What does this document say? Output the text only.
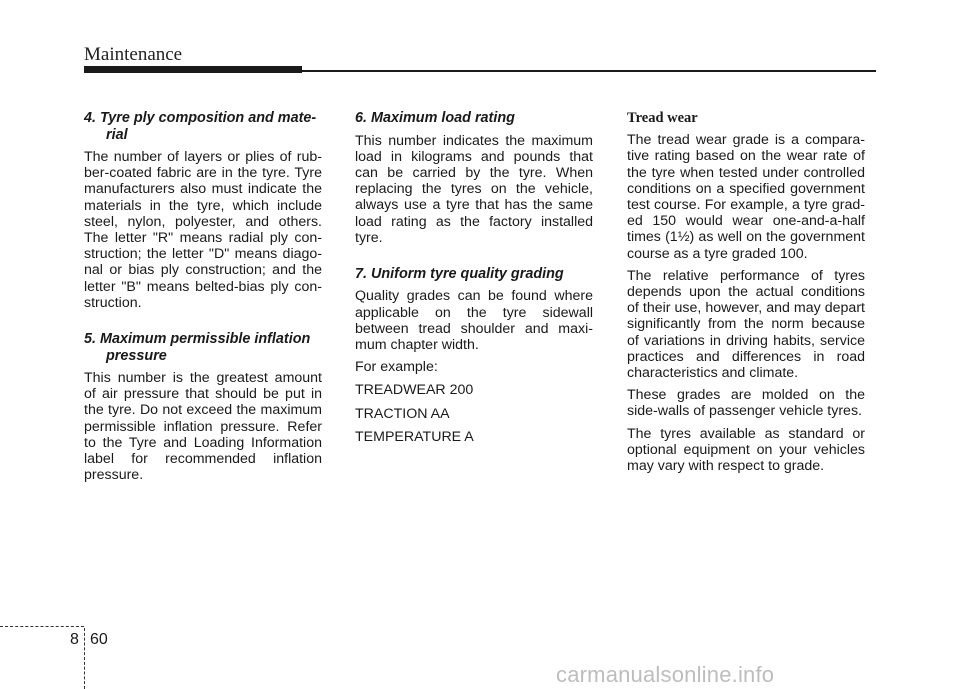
Maintenance
4. Tyre ply composition and mate-
rial

The number of layers or plies of rub-ber-coated fabric are in the tyre. Tyre manufacturers also must indicate the materials in the tyre, which include steel, nylon, polyester, and others. The letter "R" means radial ply con-struction; the letter "D" means diago-nal or bias ply construction; and the letter "B" means belted-bias ply con-struction.

5. Maximum permissible inflation
pressure

This number is the greatest amount of air pressure that should be put in the tyre. Do not exceed the maximum permissible inflation pressure. Refer to the Tyre and Loading Information label for recommended inflation pressure.

6. Maximum load rating

This number indicates the maximum load in kilograms and pounds that can be carried by the tyre. When replacing the tyres on the vehicle, always use a tyre that has the same load rating as the factory installed tyre.

7. Uniform tyre quality grading

Quality grades can be found where applicable on the tyre sidewall between tread shoulder and maxi-mum chapter width.

For example:

TREADWEAR 200

TRACTION AA

TEMPERATURE A

Tread wear

The tread wear grade is a compara-tive rating based on the wear rate of the tyre when tested under controlled conditions on a specified government test course. For example, a tyre grad-ed 150 would wear one-and-a-half times (1½) as well on the government course as a tyre graded 100.

The relative performance of tyres depends upon the actual conditions of their use, however, and may depart significantly from the norm because of variations in driving habits, service practices and differences in road characteristics and climate.

These grades are molded on the side-walls of passenger vehicle tyres.

The tyres available as standard or optional equipment on your vehicles may vary with respect to grade.

8 60
carmanualsonline.info
